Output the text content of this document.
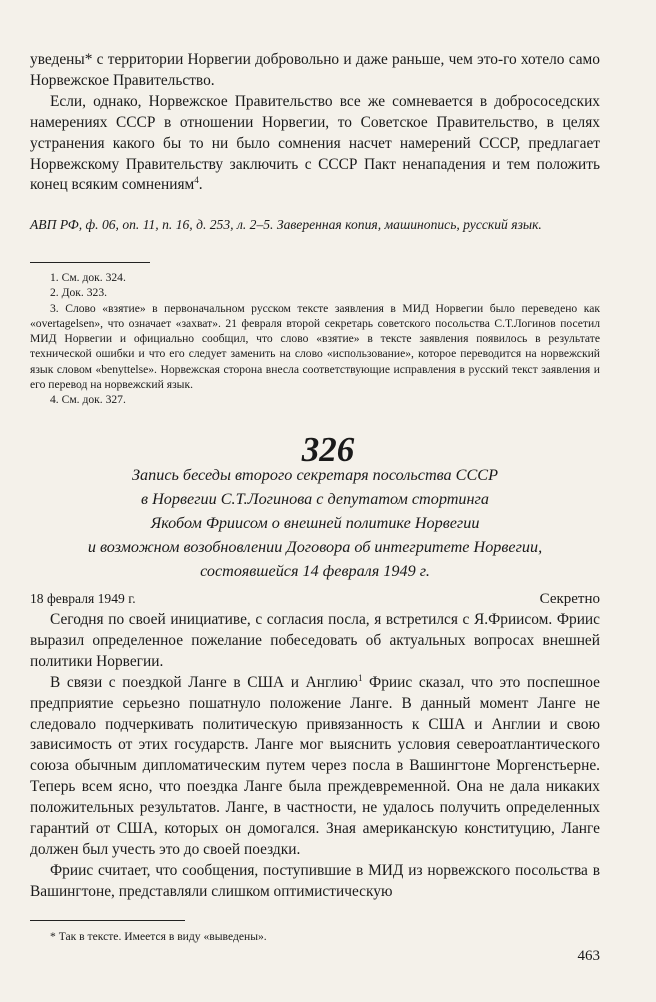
уведены* с территории Норвегии добровольно и даже раньше, чем это-го хотело само Норвежское Правительство.

Если, однако, Норвежское Правительство все же сомневается в добрососедских намерениях СССР в отношении Норвегии, то Советское Правительство, в целях устранения какого бы то ни было сомнения насчет намерений СССР, предлагает Норвежскому Правительству заключить с СССР Пакт ненападения и тем положить конец всяким сомнениям$^4$.

АВП РФ, ф. 06, оп. 11, п. 16, д. 253, л. 2–5. Заверенная копия, машинопись, русский язык.

1. См. док. 324.

2. Док. 323.

3. Слово «взятие» в первоначальном русском тексте заявления в МИД Норвегии было переведено как «overtagelsen», что означает «захват». 21 февраля второй секретарь советского посольства С.Т.Логинов посетил МИД Норвегии и официально сообщил, что слово «взятие» в тексте заявления появилось в результате технической ошибки и что его следует заменить на слово «использование», которое переводится на норвежский язык словом «benyttelse». Норвежская сторона внесла соответствующие исправления в русский текст заявления и его перевод на норвежский язык.

4. См. док. 327.

326
Запись беседы второго секретаря посольства СССР
в Норвегии С.Т.Логинова с депутатом стортинга
Якобом Фриисом о внешней политике Норвегии
и возможном возобновлении Договора об интегритете Норвегии,
состоявшейся 14 февраля 1949 г.
18 февраля 1949 г.	Секретно

Сегодня по своей инициативе, с согласия посла, я встретился с Я.Фриисом. Фриис выразил определенное пожелание побеседовать об актуальных вопросах внешней политики Норвегии.

В связи с поездкой Ланге в США и Англию$^1$ Фриис сказал, что это поспешное предприятие серьезно пошатнуло положение Ланге. В данный момент Ланге не следовало подчеркивать политическую привязанность к США и Англии и свою зависимость от этих государств. Ланге мог выяснить условия североатлантического союза обычным дипломатическим путем через посла в Вашингтоне Моргенстьерне. Теперь всем ясно, что поездка Ланге была преждевременной. Она не дала никаких положительных результатов. Ланге, в частности, не удалось получить определенных гарантий от США, которых он домогался. Зная американскую конституцию, Ланге должен был учесть это до своей поездки.

Фриис считает, что сообщения, поступившие в МИД из норвежского посольства в Вашингтоне, представляли слишком оптимистическую

* Так в тексте. Имеется в виду «выведены».

463
